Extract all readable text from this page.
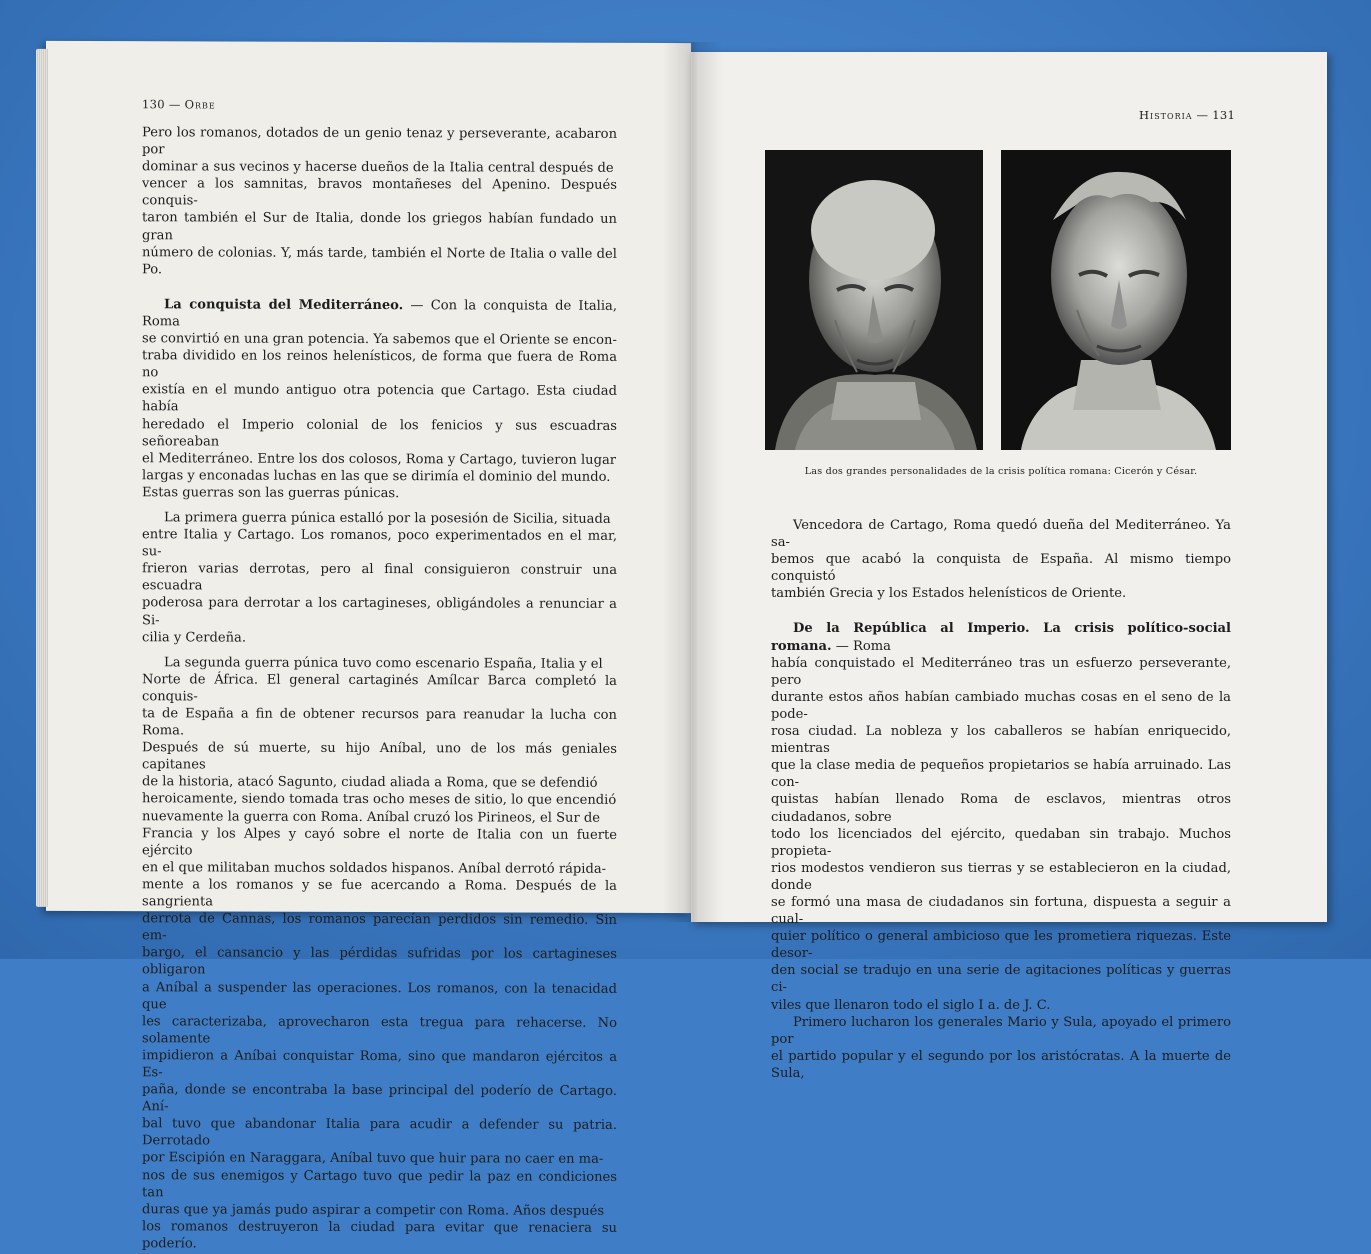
130 — Orbe

Pero los romanos, dotados de un genio tenaz y perseverante, acabaron por
dominar a sus vecinos y hacerse dueños de la Italia central después de
vencer a los samnitas, bravos montañeses del Apenino. Después conquis-
taron también el Sur de Italia, donde los griegos habían fundado un gran
número de colonias. Y, más tarde, también el Norte de Italia o valle del Po.

La conquista del Mediterráneo. — Con la conquista de Italia, Roma
se convirtió en una gran potencia. Ya sabemos que el Oriente se encon-
traba dividido en los reinos helenísticos, de forma que fuera de Roma no
existía en el mundo antiguo otra potencia que Cartago. Esta ciudad había
heredado el Imperio colonial de los fenicios y sus escuadras señoreaban
el Mediterráneo. Entre los dos colosos, Roma y Cartago, tuvieron lugar
largas y enconadas luchas en las que se dirimía el dominio del mundo.
Estas guerras son las guerras púnicas.

La primera guerra púnica estalló por la posesión de Sicilia, situada
entre Italia y Cartago. Los romanos, poco experimentados en el mar, su-
frieron varias derrotas, pero al final consiguieron construir una escuadra
poderosa para derrotar a los cartagineses, obligándoles a renunciar a Si-
cilia y Cerdeña.

La segunda guerra púnica tuvo como escenario España, Italia y el
Norte de África. El general cartaginés Amílcar Barca completó la conquis-
ta de España a fin de obtener recursos para reanudar la lucha con Roma.
Después de sú muerte, su hijo Aníbal, uno de los más geniales capitanes
de la historia, atacó Sagunto, ciudad aliada a Roma, que se defendió
heroicamente, siendo tomada tras ocho meses de sitio, lo que encendió
nuevamente la guerra con Roma. Aníbal cruzó los Pirineos, el Sur de
Francia y los Alpes y cayó sobre el norte de Italia con un fuerte ejército
en el que militaban muchos soldados hispanos. Aníbal derrotó rápida-
mente a los romanos y se fue acercando a Roma. Después de la sangrienta
derrota de Cannas, los romanos parecían perdidos sin remedio. Sin em-
bargo, el cansancio y las pérdidas sufridas por los cartagineses obligaron
a Aníbal a suspender las operaciones. Los romanos, con la tenacidad que
les caracterizaba, aprovecharon esta tregua para rehacerse. No solamente
impidieron a Aníbai conquistar Roma, sino que mandaron ejércitos a Es-
paña, donde se encontraba la base principal del poderío de Cartago. Aní-
bal tuvo que abandonar Italia para acudir a defender su patria. Derrotado
por Escipión en Naraggara, Aníbal tuvo que huir para no caer en ma-
nos de sus enemigos y Cartago tuvo que pedir la paz en condiciones tan
duras que ya jamás pudo aspirar a competir con Roma. Años después
los romanos destruyeron la ciudad para evitar que renaciera su poderío.

Historia — 131
Las dos grandes personalidades de la crisis política romana: Cicerón y César.

Vencedora de Cartago, Roma quedó dueña del Mediterráneo. Ya sa-
bemos que acabó la conquista de España. Al mismo tiempo conquistó
también Grecia y los Estados helenísticos de Oriente.

De la República al Imperio. La crisis político-social romana. — Roma
había conquistado el Mediterráneo tras un esfuerzo perseverante, pero
durante estos años habían cambiado muchas cosas en el seno de la pode-
rosa ciudad. La nobleza y los caballeros se habían enriquecido, mientras
que la clase media de pequeños propietarios se había arruinado. Las con-
quistas habían llenado Roma de esclavos, mientras otros ciudadanos, sobre
todo los licenciados del ejército, quedaban sin trabajo. Muchos propieta-
rios modestos vendieron sus tierras y se establecieron en la ciudad, donde
se formó una masa de ciudadanos sin fortuna, dispuesta a seguir a cual-
quier político o general ambicioso que les prometiera riquezas. Este desor-
den social se tradujo en una serie de agitaciones políticas y guerras ci-
viles que llenaron todo el siglo I a. de J. C.

Primero lucharon los generales Mario y Sula, apoyado el primero por
el partido popular y el segundo por los aristócratas. A la muerte de Sula,
